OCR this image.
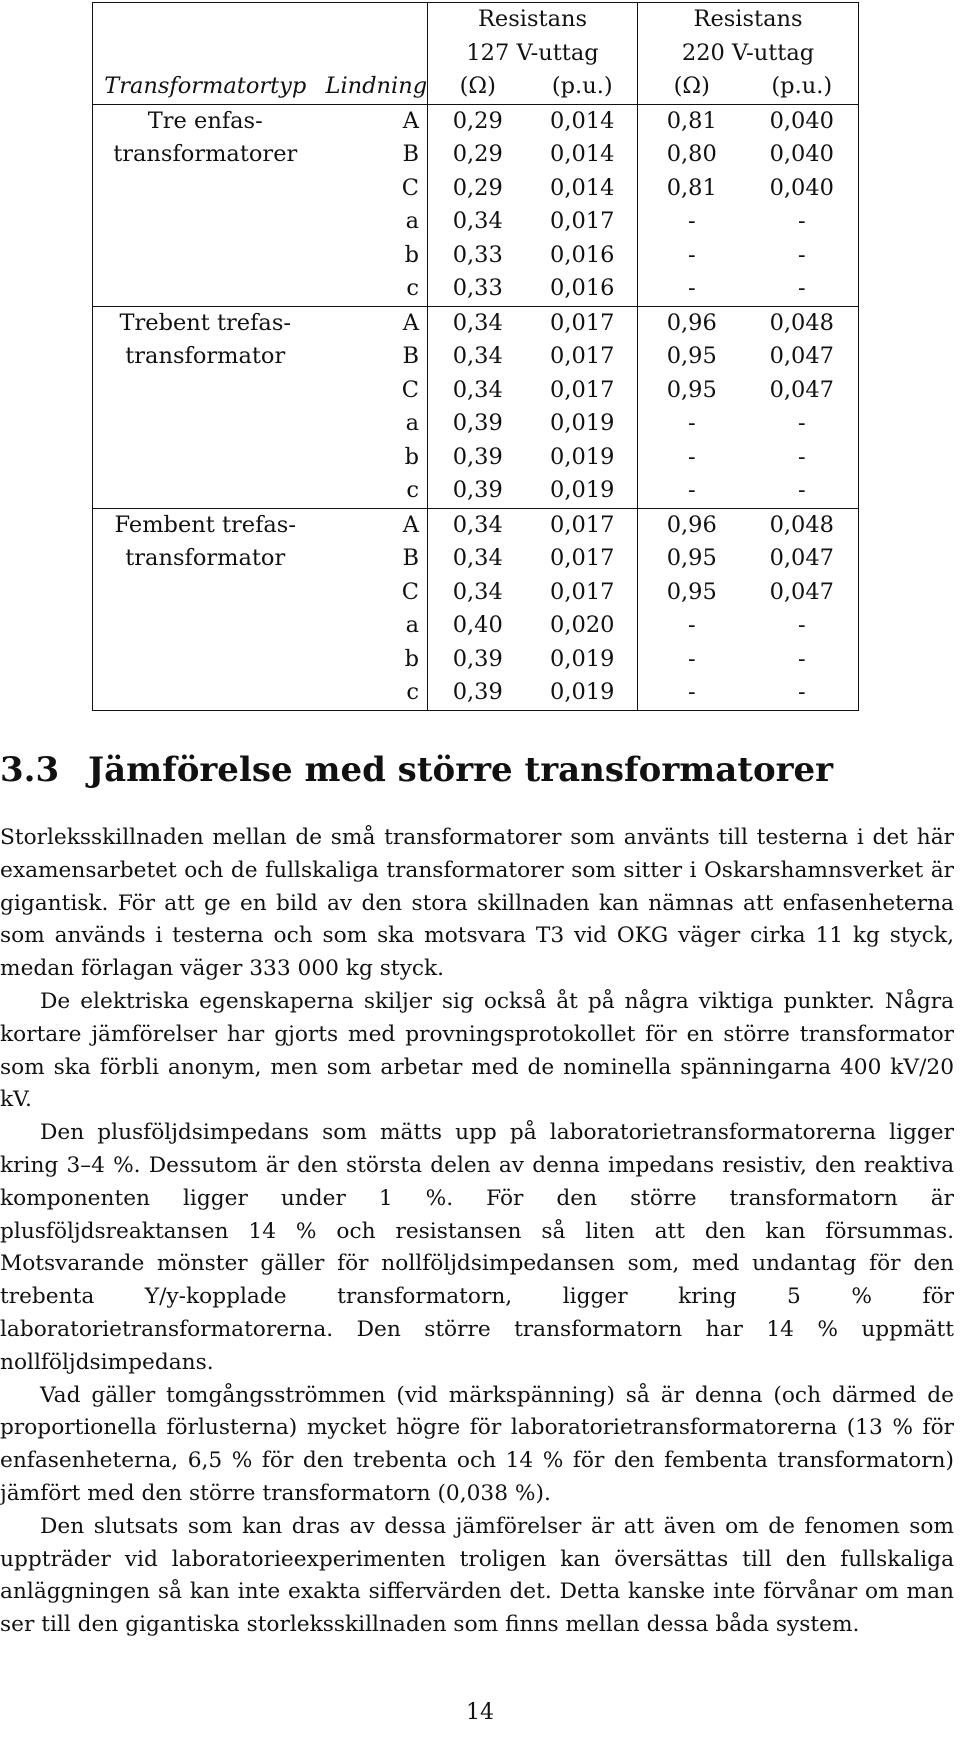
		Resistans		Resistans	
		127 V-uttag		220 V-uttag	
Transformatortyp	Lindning	(Ω)	(p.u.)	(Ω)	(p.u.)
Tre enfas-	A	0,29	0,014	0,81	0,040
transformatorer	B	0,29	0,014	0,80	0,040
	C	0,29	0,014	0,81	0,040
	a	0,34	0,017	-	-
	b	0,33	0,016	-	-
	c	0,33	0,016	-	-
Trebent trefas-	A	0,34	0,017	0,96	0,048
transformator	B	0,34	0,017	0,95	0,047
	C	0,34	0,017	0,95	0,047
	a	0,39	0,019	-	-
	b	0,39	0,019	-	-
	c	0,39	0,019	-	-
Fembent trefas-	A	0,34	0,017	0,96	0,048
transformator	B	0,34	0,017	0,95	0,047
	C	0,34	0,017	0,95	0,047
	a	0,40	0,020	-	-
	b	0,39	0,019	-	-
	c	0,39	0,019	-	-
3.3 Jämförelse med större transformatorer

Storleksskillnaden mellan de små transformatorer som använts till testerna i det här examensarbetet och de fullskaliga transformatorer som sitter i Oskarshamnsverket är gigantisk. För att ge en bild av den stora skillnaden kan nämnas att enfasenheterna som används i testerna och som ska motsvara T3 vid OKG väger cirka 11 kg styck, medan förlagan väger 333 000 kg styck.

De elektriska egenskaperna skiljer sig också åt på några viktiga punkter. Några kortare jämförelser har gjorts med provningsprotokollet för en större transformator som ska förbli anonym, men som arbetar med de nominella spänningarna 400 kV/20 kV.

Den plusföljdsimpedans som mätts upp på laboratorietransformatorerna ligger kring 3–4 %. Dessutom är den största delen av denna impedans resistiv, den reaktiva komponenten ligger under 1 %. För den större transformatorn är plusföljdsreaktansen 14 % och resistansen så liten att den kan försummas. Motsvarande mönster gäller för nollföljdsimpedansen som, med undantag för den trebenta Y/y-kopplade transformatorn, ligger kring 5 % för laboratorietransformatorerna. Den större transformatorn har 14 % uppmätt nollföljdsimpedans.

Vad gäller tomgångsströmmen (vid märkspänning) så är denna (och därmed de proportionella förlusterna) mycket högre för laboratorietransformatorerna (13 % för enfasenheterna, 6,5 % för den trebenta och 14 % för den fembenta transformatorn) jämfört med den större transformatorn (0,038 %).

Den slutsats som kan dras av dessa jämförelser är att även om de fenomen som uppträder vid laboratorieexperimenten troligen kan översättas till den fullskaliga anläggningen så kan inte exakta siffervärden det. Detta kanske inte förvånar om man ser till den gigantiska storleksskillnaden som finns mellan dessa båda system.

14
